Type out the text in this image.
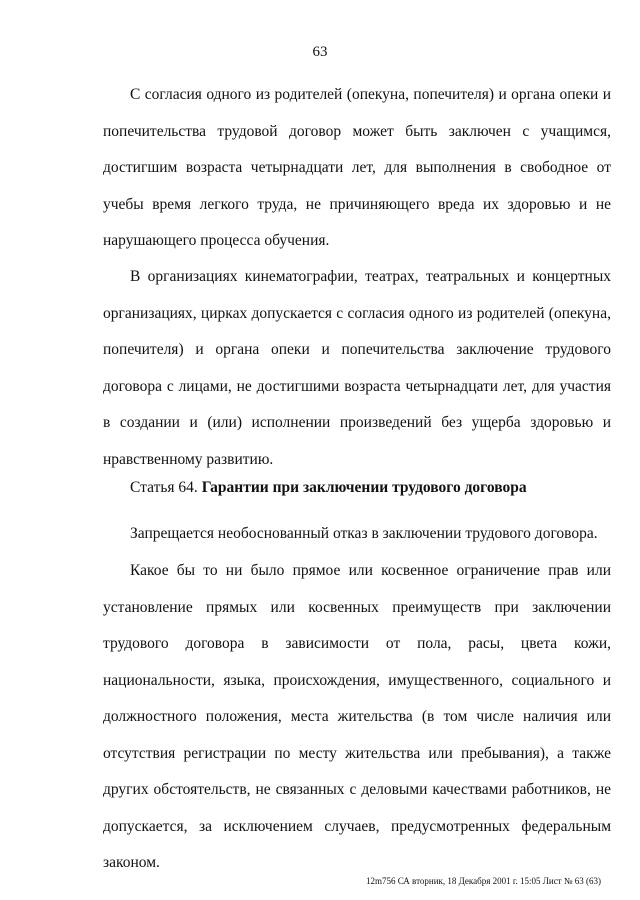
63

С согласия одного из родителей (опекуна, попечителя) и органа опеки и попечительства трудовой договор может быть заключен с учащимся, достигшим возраста четырнадцати лет, для выполнения в свободное от учебы время легкого труда, не причиняющего вреда их здоровью и не нарушающего процесса обучения.

В организациях кинематографии, театрах, театральных и концертных организациях, цирках допускается с согласия одного из родителей (опекуна, попечителя) и органа опеки и попечительства заключение трудового договора с лицами, не достигшими возраста четырнадцати лет, для участия в создании и (или) исполнении произведений без ущерба здоровью и нравственному развитию.

Статья 64. Гарантии при заключении трудового договора

Запрещается необоснованный отказ в заключении трудового договора.

Какое бы то ни было прямое или косвенное ограничение прав или установление прямых или косвенных преимуществ при заключении трудового договора в зависимости от пола, расы, цвета кожи, национальности, языка, происхождения, имущественного, социального и должностного положения, места жительства (в том числе наличия или отсутствия регистрации по месту жительства или пребывания), а также других обстоятельств, не связанных с деловыми качествами работников, не допускается, за исключением случаев, предусмотренных федеральным законом.

12m756 СА вторник, 18 Декабря 2001 г. 15:05 Лист № 63 (63)
